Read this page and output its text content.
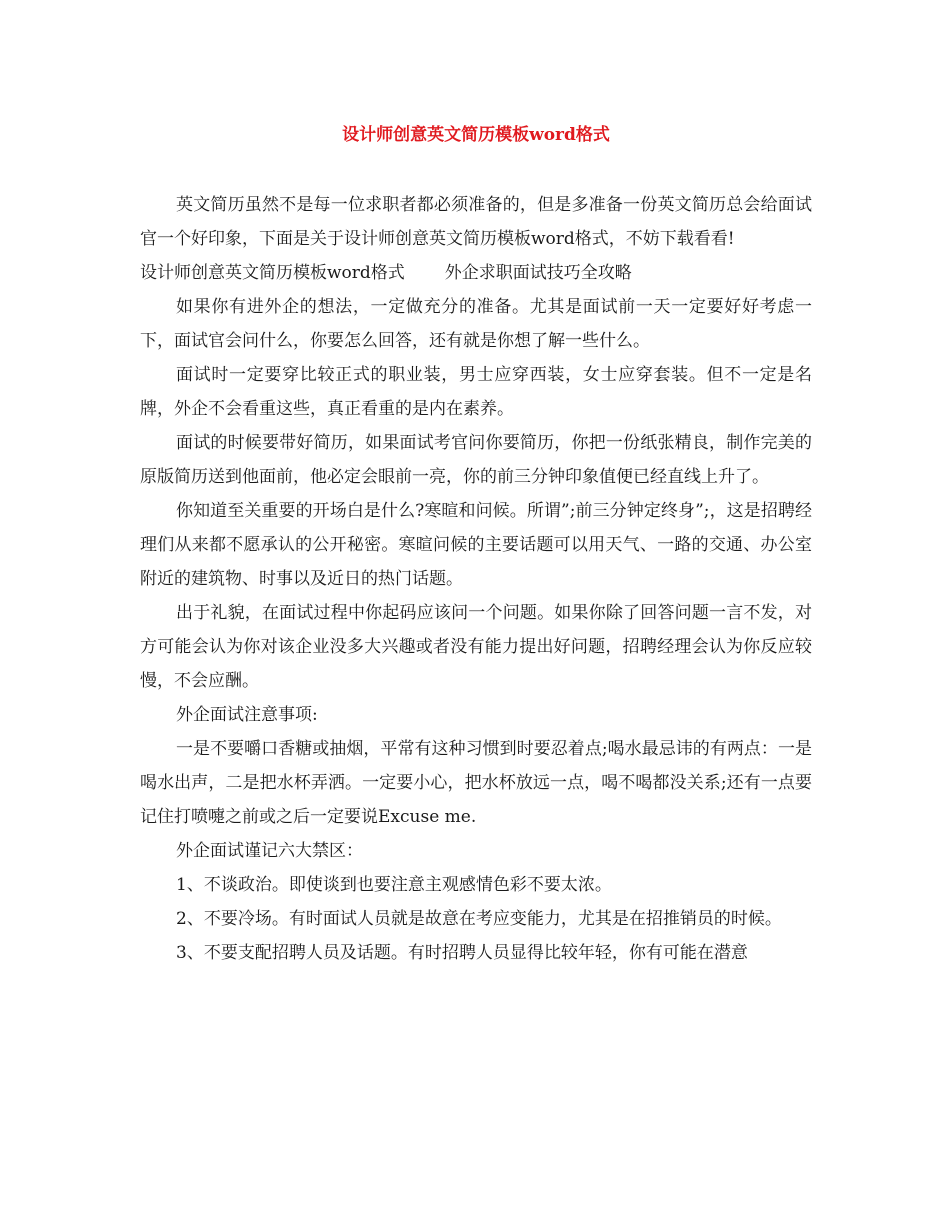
设计师创意英文简历模板word格式

英文简历虽然不是每一位求职者都必须准备的，但是多准备一份英文简历总会给面试官一个好印象，下面是关于设计师创意英文简历模板word格式，不妨下载看看!

设计师创意英文简历模板word格式 外企求职面试技巧全攻略

如果你有进外企的想法，一定做充分的准备。尤其是面试前一天一定要好好考虑一下，面试官会问什么，你要怎么回答，还有就是你想了解一些什么。

面试时一定要穿比较正式的职业装，男士应穿西装，女士应穿套装。但不一定是名牌，外企不会看重这些，真正看重的是内在素养。

面试的时候要带好简历，如果面试考官问你要简历，你把一份纸张精良，制作完美的原版简历送到他面前，他必定会眼前一亮，你的前三分钟印象值便已经直线上升了。

你知道至关重要的开场白是什么?寒暄和问候。所谓”;前三分钟定终身”;，这是招聘经理们从来都不愿承认的公开秘密。寒暄问候的主要话题可以用天气、一路的交通、办公室附近的建筑物、时事以及近日的热门话题。

出于礼貌，在面试过程中你起码应该问一个问题。如果你除了回答问题一言不发，对方可能会认为你对该企业没多大兴趣或者没有能力提出好问题，招聘经理会认为你反应较慢，不会应酬。

外企面试注意事项:

一是不要嚼口香糖或抽烟，平常有这种习惯到时要忍着点;喝水最忌讳的有两点：一是喝水出声，二是把水杯弄洒。一定要小心，把水杯放远一点，喝不喝都没关系;还有一点要记住打喷嚏之前或之后一定要说Excuse me.

外企面试谨记六大禁区：

1、不谈政治。即使谈到也要注意主观感情色彩不要太浓。

2、不要冷场。有时面试人员就是故意在考应变能力，尤其是在招推销员的时候。

3、不要支配招聘人员及话题。有时招聘人员显得比较年轻，你有可能在潜意
